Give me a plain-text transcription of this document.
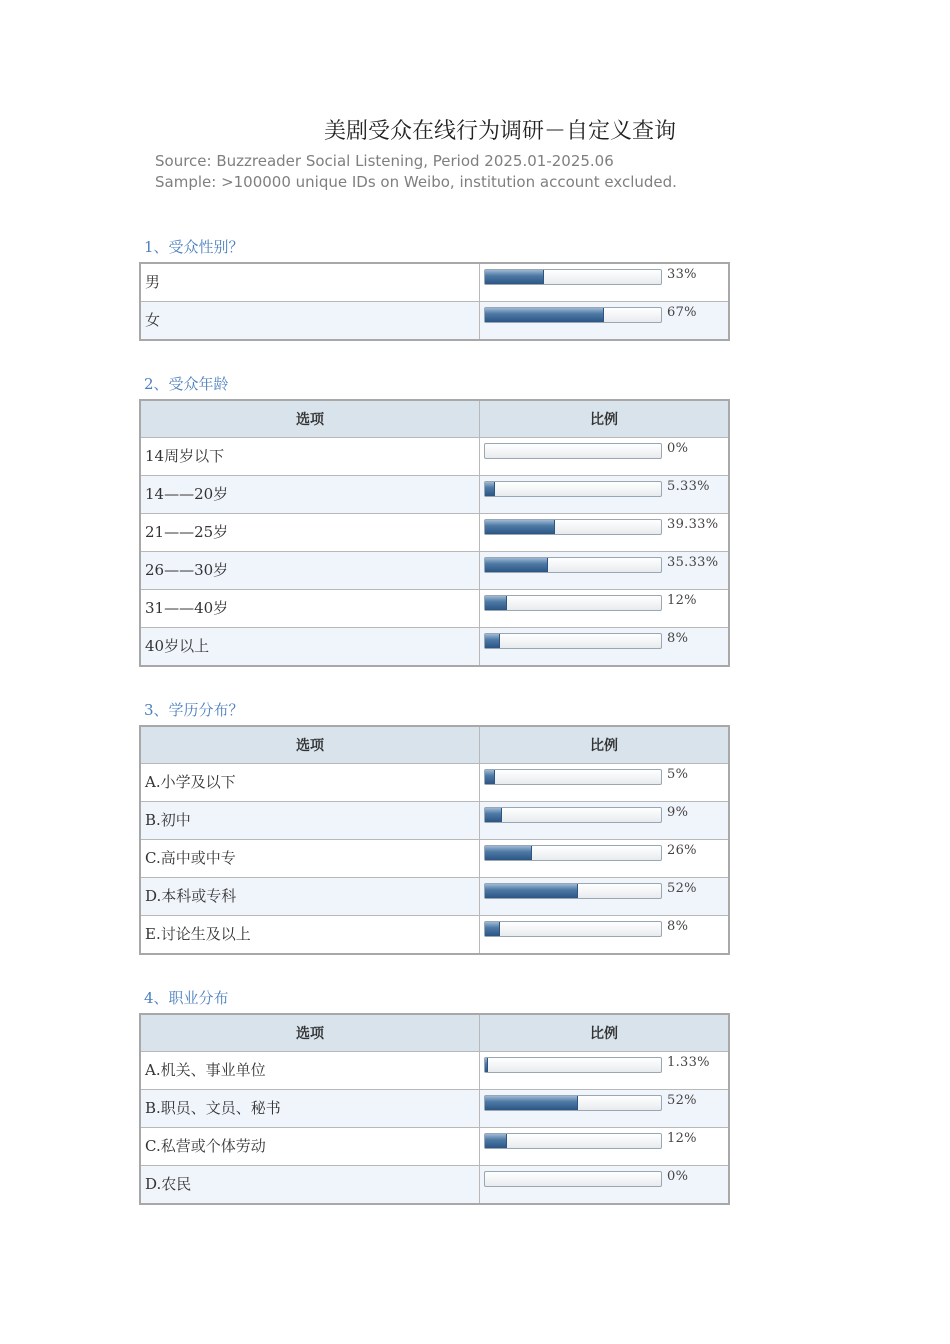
美剧受众在线行为调研－自定义查询
Source: Buzzreader Social Listening, Period 2025.01-2025.06
Sample: >100000 unique IDs on Weibo, institution account excluded.
1、受众性别？
男	33%

女	67%
2、受众年龄
选项	比例
14周岁以下	0%

14——20岁	5.33%

21——25岁	39.33%

26——30岁	35.33%

31——40岁	12%

40岁以上	8%
3、学历分布？
选项	比例
A.小学及以下	5%

B.初中	9%

C.高中或中专	26%

D.本科或专科	52%

E.讨论生及以上	8%
4、职业分布
选项	比例
A.机关、事业单位	1.33%

B.职员、文员、秘书	52%

C.私营或个体劳动	12%

D.农民	0%
